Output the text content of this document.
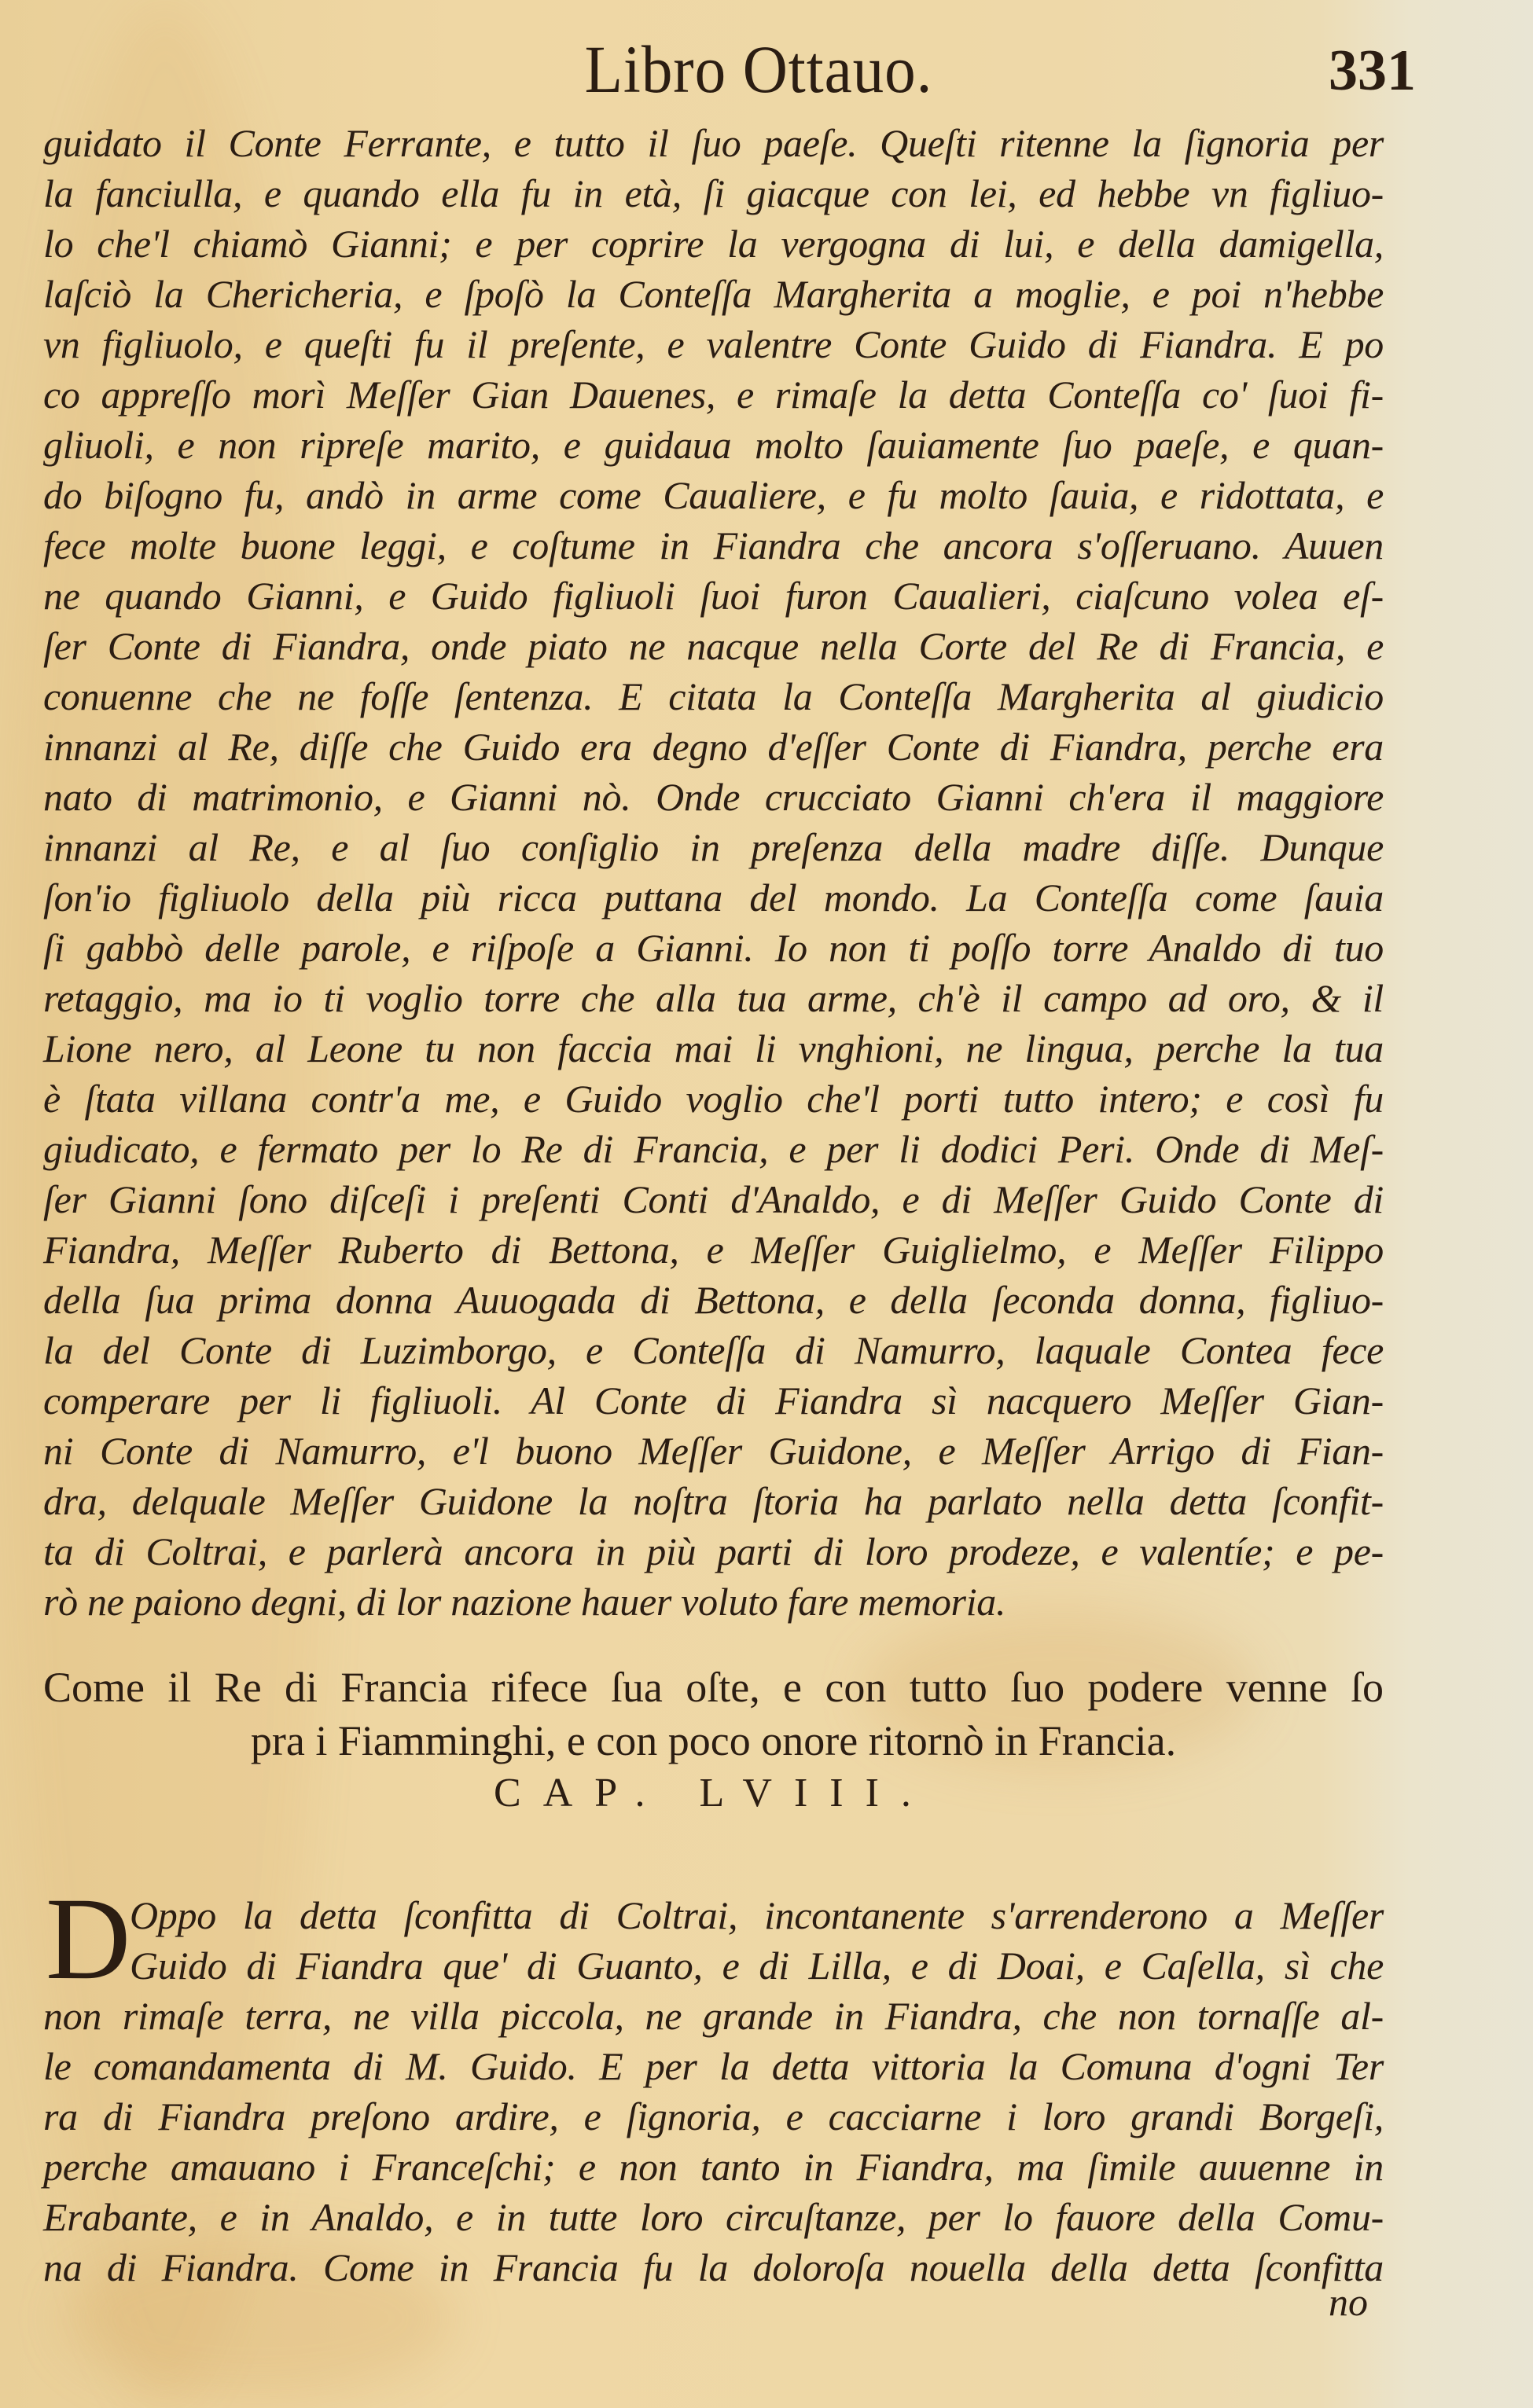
Libro Ottauo.	331
guidato il Conte Ferrante, e tutto il ſuo paeſe. Queſti ritenne la ſignoria per
la fanciulla, e quando ella fu in età, ſi giacque con lei, ed hebbe vn figliuo-
lo che'l chiamò Gianni; e per coprire la vergogna di lui, e della damigella,
laſciò la Chericheria, e ſpoſò la Conteſſa Margherita a moglie, e poi n'hebbe
vn figliuolo, e queſti fu il preſente, e valentre Conte Guido di Fiandra. E po
co appreſſo morì Meſſer Gian Dauenes, e rimaſe la detta Conteſſa co' ſuoi fi-
gliuoli, e non ripreſe marito, e guidaua molto ſauiamente ſuo paeſe, e quan-
do biſogno fu, andò in arme come Caualiere, e fu molto ſauia, e ridottata, e
fece molte buone leggi, e coſtume in Fiandra che ancora s'oſſeruano. Auuen
ne quando Gianni, e Guido figliuoli ſuoi furon Caualieri, ciaſcuno volea eſ-
ſer Conte di Fiandra, onde piato ne nacque nella Corte del Re di Francia, e
conuenne che ne foſſe ſentenza. E citata la Conteſſa Margherita al giudicio
innanzi al Re, diſſe che Guido era degno d'eſſer Conte di Fiandra, perche era
nato di matrimonio, e Gianni nò. Onde crucciato Gianni ch'era il maggiore
innanzi al Re, e al ſuo conſiglio in preſenza della madre diſſe. Dunque
ſon'io figliuolo della più ricca puttana del mondo. La Conteſſa come ſauia
ſi gabbò delle parole, e riſpoſe a Gianni. Io non ti poſſo torre Analdo di tuo
retaggio, ma io ti voglio torre che alla tua arme, ch'è il campo ad oro, & il
Lione nero, al Leone tu non faccia mai li vnghioni, ne lingua, perche la tua
è ſtata villana contr'a me, e Guido voglio che'l porti tutto intero; e così fu
giudicato, e fermato per lo Re di Francia, e per li dodici Peri. Onde di Meſ-
ſer Gianni ſono diſceſi i preſenti Conti d'Analdo, e di Meſſer Guido Conte di
Fiandra, Meſſer Ruberto di Bettona, e Meſſer Guiglielmo, e Meſſer Filippo
della ſua prima donna Auuogada di Bettona, e della ſeconda donna, figliuo-
la del Conte di Luzimborgo, e Conteſſa di Namurro, laquale Contea fece
comperare per li figliuoli. Al Conte di Fiandra sì nacquero Meſſer Gian-
ni Conte di Namurro, e'l buono Meſſer Guidone, e Meſſer Arrigo di Fian-
dra, delquale Meſſer Guidone la noſtra ſtoria ha parlato nella detta ſconfit-
ta di Coltrai, e parlerà ancora in più parti di loro prodeze, e valentíe; e pe-
rò ne paiono degni, di lor nazione hauer voluto fare memoria.
Come il Re di Francia rifece ſua oſte, e con tutto ſuo podere venne ſo
pra i Fiamminghi, e con poco onore ritornò in Francia.
CAP. LVIII.
D
Oppo la detta ſconfitta di Coltrai, incontanente s'arrenderono a Meſſer
Guido di Fiandra que' di Guanto, e di Lilla, e di Doai, e Caſella, sì che
non rimaſe terra, ne villa piccola, ne grande in Fiandra, che non tornaſſe al-
le comandamenta di M. Guido. E per la detta vittoria la Comuna d'ogni Ter
ra di Fiandra preſono ardire, e ſignoria, e cacciarne i loro grandi Borgeſi,
perche amauano i Franceſchi; e non tanto in Fiandra, ma ſimile auuenne in
Erabante, e in Analdo, e in tutte loro circuſtanze, per lo fauore della Comu-
na di Fiandra. Come in Francia fu la doloroſa nouella della detta ſconfitta
no
